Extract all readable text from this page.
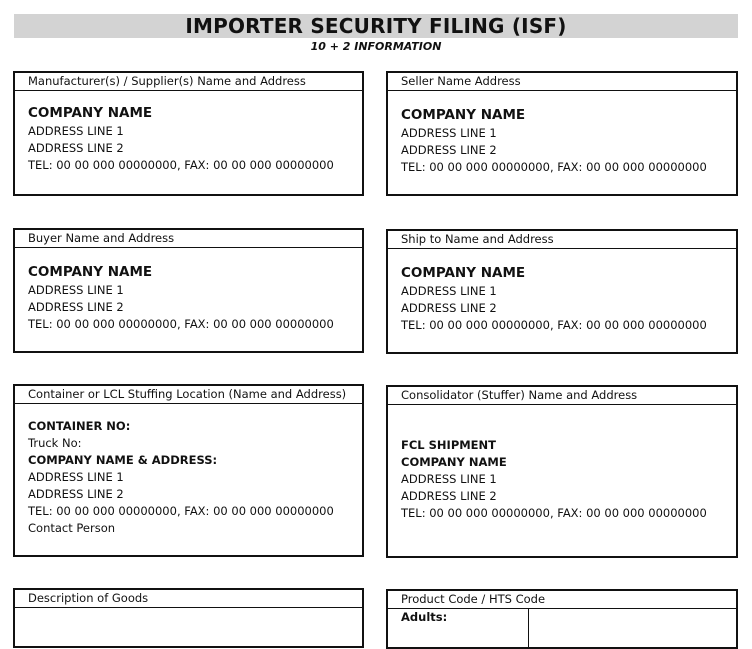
IMPORTER SECURITY FILING (ISF)
10 + 2 INFORMATION
Manufacturer(s) / Supplier(s) Name and Address
COMPANY NAME
ADDRESS LINE 1
ADDRESS LINE 2
TEL: 00 00 000 00000000, FAX: 00 00 000 00000000
Seller Name Address
COMPANY NAME
ADDRESS LINE 1
ADDRESS LINE 2
TEL: 00 00 000 00000000, FAX: 00 00 000 00000000
Buyer Name and Address
COMPANY NAME
ADDRESS LINE 1
ADDRESS LINE 2
TEL: 00 00 000 00000000, FAX: 00 00 000 00000000
Ship to Name and Address
COMPANY NAME
ADDRESS LINE 1
ADDRESS LINE 2
TEL: 00 00 000 00000000, FAX: 00 00 000 00000000
Container or LCL Stuffing Location (Name and Address)
CONTAINER NO:
Truck No:
COMPANY NAME & ADDRESS:
ADDRESS LINE 1
ADDRESS LINE 2
TEL: 00 00 000 00000000, FAX: 00 00 000 00000000
Contact Person
Consolidator (Stuffer) Name and Address
FCL SHIPMENT
COMPANY NAME
ADDRESS LINE 1
ADDRESS LINE 2
TEL: 00 00 000 00000000, FAX: 00 00 000 00000000
Description of Goods	Product Code / HTS Code
Adults:
